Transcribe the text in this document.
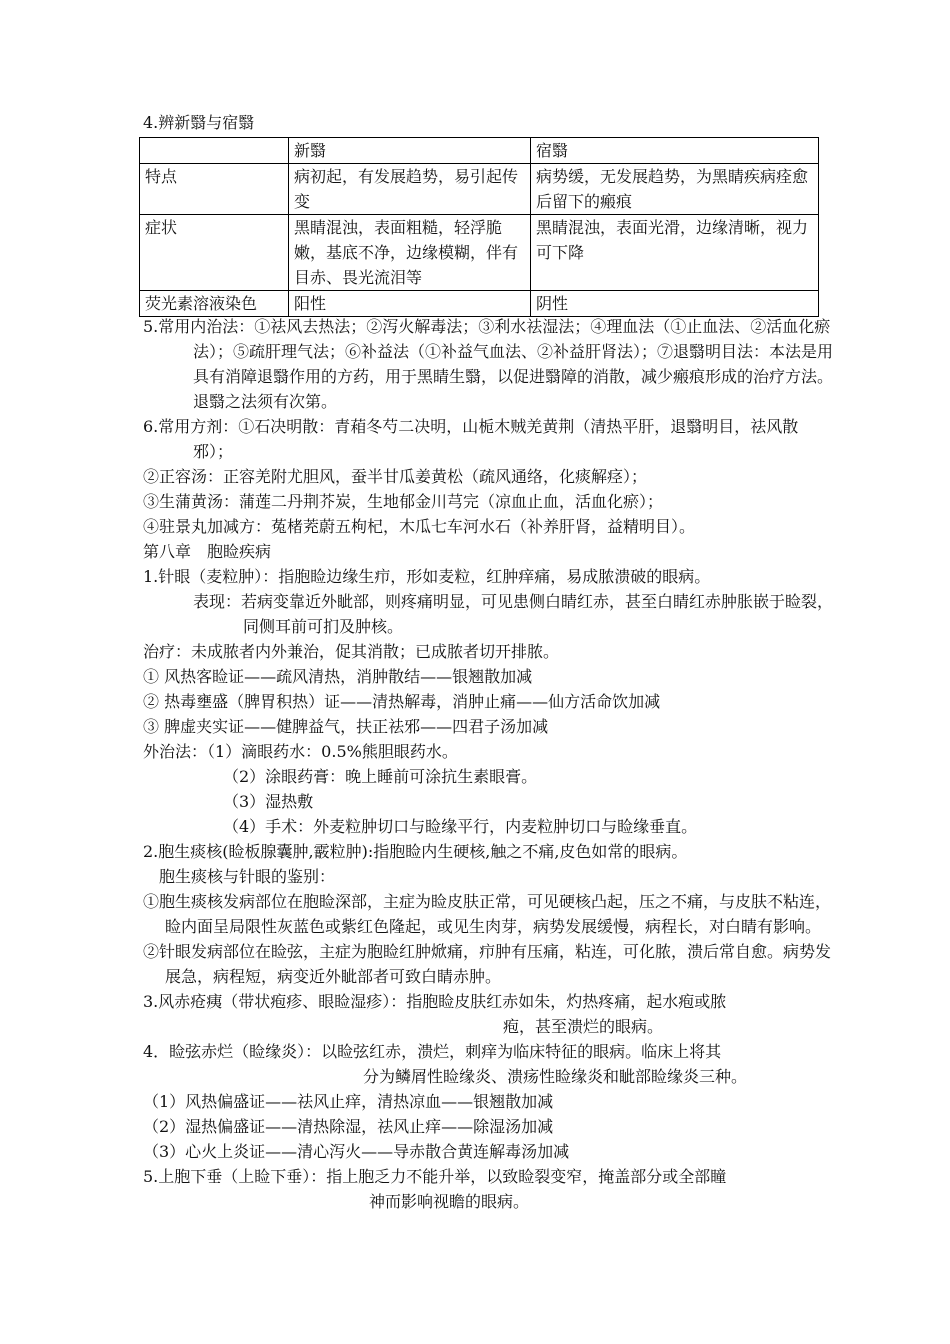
4.辨新翳与宿翳

	新翳	宿翳
特点	病初起，有发展趋势，易引起传变	病势缓，无发展趋势，为黑睛疾病痊愈后留下的瘢痕
症状	黑睛混浊，表面粗糙，轻浮脆嫩，基底不净，边缘模糊，伴有目赤、畏光流泪等	黑睛混浊，表面光滑，边缘清晰，视力可下降
荧光素溶液染色	阳性	阴性

5.常用内治法：①祛风去热法；②泻火解毒法；③利水祛湿法；④理血法（①止血法、②活血化瘀法）；⑤疏肝理气法；⑥补益法（①补益气血法、②补益肝肾法）；⑦退翳明目法：本法是用具有消障退翳作用的方药，用于黑睛生翳，以促进翳障的消散，减少瘢痕形成的治疗方法。退翳之法须有次第。

6.常用方剂：①石决明散：青葙冬芍二决明，山栀木贼羌黄荆（清热平肝，退翳明目，祛风散邪）；

②正容汤：正容羌附尤胆风，蚕半甘瓜姜黄松（疏风通络，化痰解痉）；

③生蒲黄汤：蒲莲二丹荆芥炭，生地郁金川芎完（凉血止血，活血化瘀）；

④驻景丸加减方：菟楮茺蔚五枸杞，木瓜七车河水石（补养肝肾，益精明目）。

第八章　胞睑疾病

1.针眼（麦粒肿）：指胞睑边缘生疖，形如麦粒，红肿痒痛，易成脓溃破的眼病。

表现：若病变靠近外眦部，则疼痛明显，可见患侧白睛红赤，甚至白睛红赤肿胀嵌于睑裂，同侧耳前可扪及肿核。

治疗：未成脓者内外兼治，促其消散；已成脓者切开排脓。

① 风热客睑证——疏风清热，消肿散结——银翘散加减

② 热毒壅盛（脾胃积热）证——清热解毒，消肿止痛——仙方活命饮加减

③ 脾虚夹实证——健脾益气，扶正祛邪——四君子汤加减

外治法：（1）滴眼药水：0.5%熊胆眼药水。

（2）涂眼药膏：晚上睡前可涂抗生素眼膏。

（3）湿热敷

（4）手术：外麦粒肿切口与睑缘平行，内麦粒肿切口与睑缘垂直。

2.胞生痰核(睑板腺囊肿,霰粒肿):指胞睑内生硬核,触之不痛,皮色如常的眼病。

胞生痰核与针眼的鉴别：

①胞生痰核发病部位在胞睑深部，主症为睑皮肤正常，可见硬核凸起，压之不痛，与皮肤不粘连，睑内面呈局限性灰蓝色或紫红色隆起，或见生肉芽，病势发展缓慢，病程长，对白睛有影响。

②针眼发病部位在睑弦，主症为胞睑红肿焮痛，疖肿有压痛，粘连，可化脓，溃后常自愈。病势发展急，病程短，病变近外眦部者可致白睛赤肿。

3.风赤疮痍（带状疱疹、眼睑湿疹）：指胞睑皮肤红赤如朱，灼热疼痛，起水疱或脓

疱，甚至溃烂的眼病。

4．睑弦赤烂（睑缘炎）：以睑弦红赤，溃烂，刺痒为临床特征的眼病。临床上将其

分为鳞屑性睑缘炎、溃疡性睑缘炎和眦部睑缘炎三种。

（1）风热偏盛证——祛风止痒，清热凉血——银翘散加减

（2）湿热偏盛证——清热除湿，祛风止痒——除湿汤加减

（3）心火上炎证——清心泻火——导赤散合黄连解毒汤加减

5.上胞下垂（上睑下垂）：指上胞乏力不能升举，以致睑裂变窄，掩盖部分或全部瞳

神而影响视瞻的眼病。
